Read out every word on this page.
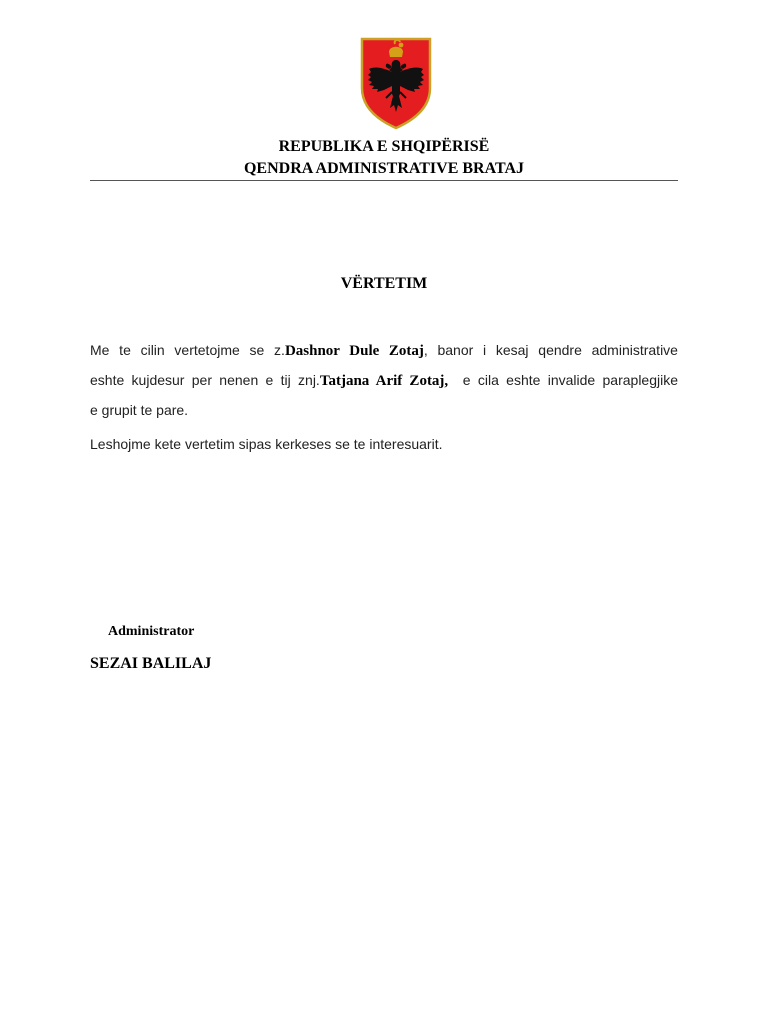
REPUBLIKA E SHQIPËRISË
QENDRA ADMINISTRATIVE BRATAJ
VËRTETIM
Me te cilin vertetojme se z.Dashnor Dule Zotaj, banor i kesaj qendre administrative
eshte kujdesur per nenen e tij znj.Tatjana Arif Zotaj,  e cila eshte invalide paraplegjike
e grupit te pare.
Leshojme kete vertetim sipas kerkeses se te interesuarit.
Administrator
SEZAI BALILAJ
